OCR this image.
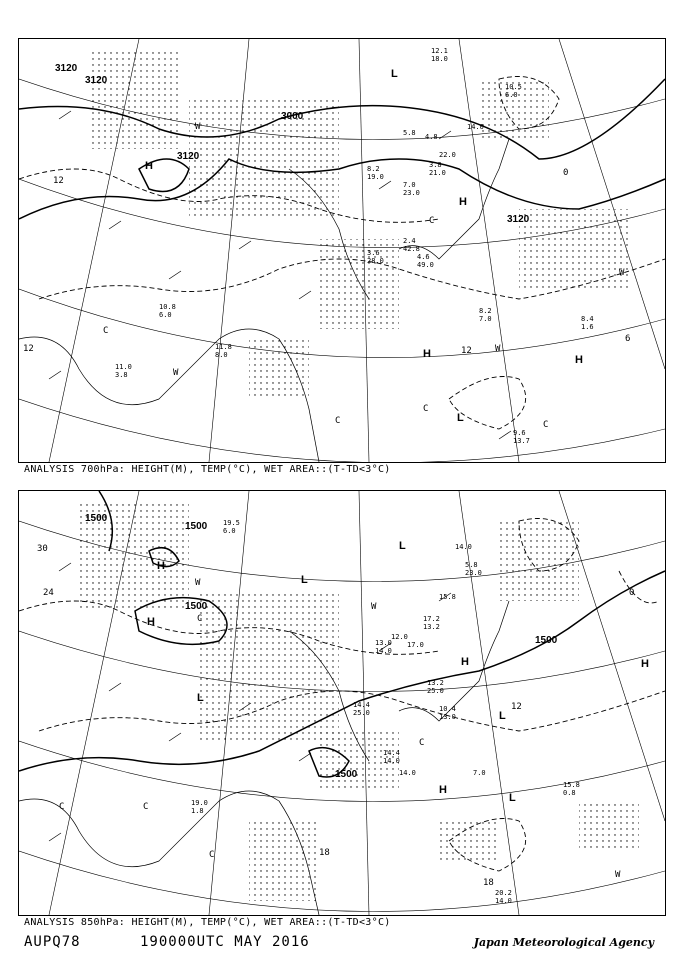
3120
3120
3000
3120
3120
12
12
0
6
12
H
H
H	H
L
L
W
W
W
W
C
C
C
C
C
12.1
18.0
10.5
6.0
14.0
5.8 4.8
22.0
3.8
21.0
8.2
19.0
7.0
23.0
2.4
42.8
4.6
49.0
3.6
28.0
11.0
3.8
10.8
6.0
11.8
8.0
9.6
13.7
8.2
7.0	8.4
1.6
ANALYSIS 700hPa: HEIGHT(M), TEMP(°C), WET AREA::(T-TD<3°C)
1500
1500
1500
1500
1500
30
24	0
12
18
18
H
H
H
H
H
L
L
L
L
L
W
W
W
C
C	C
C
C
14.0
5.8
23.0
15.8
17.2
13.2
12.0
17.0
13.0
14.0
13.2
25.0
14.4
25.0	10.4
13.0
19.0
1.8
15.8
0.8
20.2
14.0
14.4
14.0
14.0	7.0
19.5
6.0
ANALYSIS 850hPa: HEIGHT(M), TEMP(°C), WET AREA::(T-TD<3°C)
AUPQ78	190000UTC MAY 2016	Japan Meteorological Agency
